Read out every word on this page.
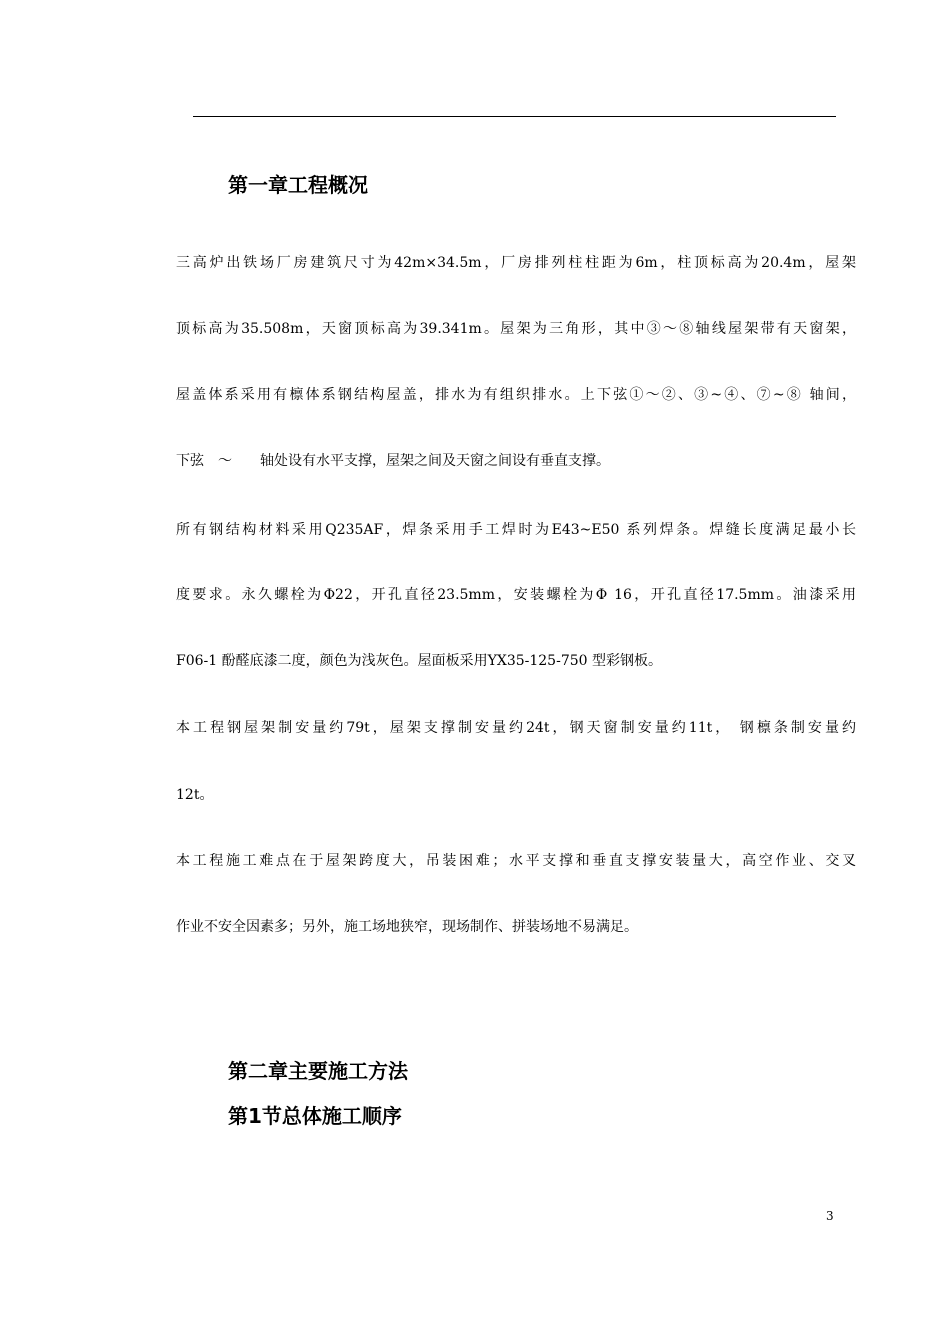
第一章工程概况
三高炉出铁场厂房建筑尺寸为42m×34.5m，厂房排列柱柱距为6m，柱顶标高为20.4m，屋架
顶标高为35.508m，天窗顶标高为39.341m。屋架为三角形，其中③～⑧轴线屋架带有天窗架，
屋盖体系采用有檩体系钢结构屋盖，排水为有组织排水。上下弦①～②、③~④、⑦~⑧ 轴间，
下弦　～　　轴处设有水平支撑，屋架之间及天窗之间设有垂直支撑。
所有钢结构材料采用Q235AF，焊条采用手工焊时为E43~E50 系列焊条。焊缝长度满足最小长
度要求。永久螺栓为Φ22，开孔直径23.5mm，安装螺栓为Φ 16，开孔直径17.5mm。油漆采用
F06-1 酚醛底漆二度，颜色为浅灰色。屋面板采用YX35-125-750 型彩钢板。
本工程钢屋架制安量约79t，屋架支撑制安量约24t，钢天窗制安量约11t， 钢檩条制安量约
12t。
本工程施工难点在于屋架跨度大，吊装困难；水平支撑和垂直支撑安装量大，高空作业、交叉
作业不安全因素多；另外，施工场地狭窄，现场制作、拼装场地不易满足。
第二章主要施工方法
第1节总体施工顺序
3
